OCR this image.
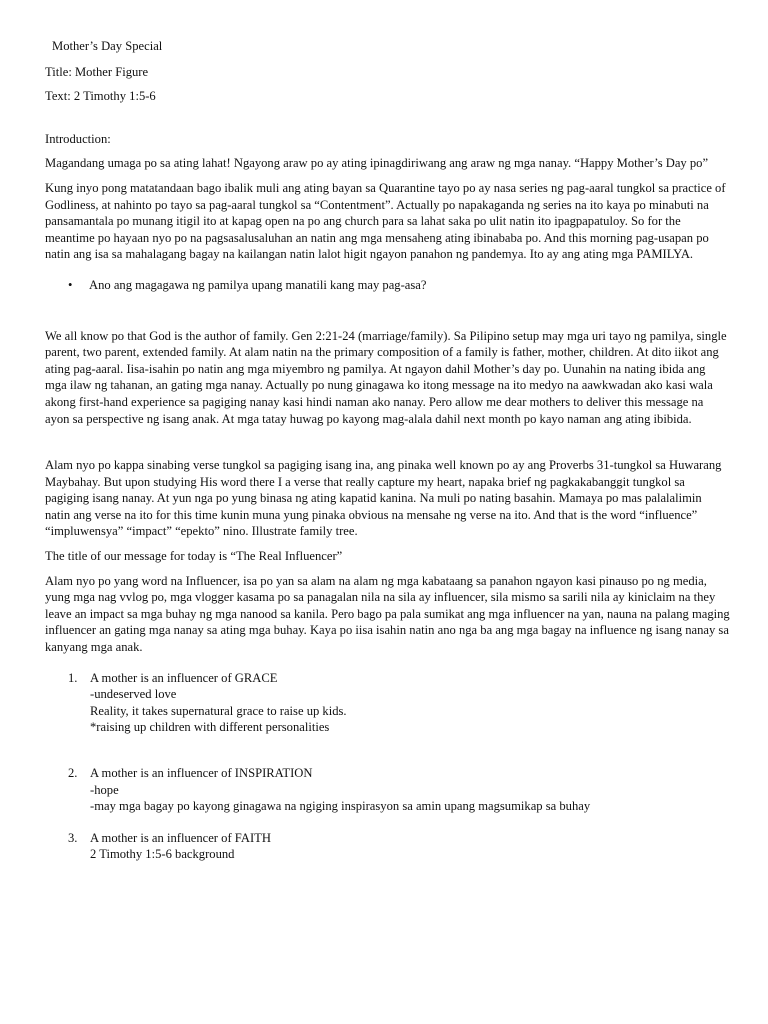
Mother’s Day Special

Title: Mother Figure

Text: 2 Timothy 1:5-6

Introduction:

Magandang umaga po sa ating lahat! Ngayong araw po ay ating ipinagdiriwang ang araw ng mga nanay. “Happy Mother’s Day po”

Kung inyo pong matatandaan bago ibalik muli ang ating bayan sa Quarantine tayo po ay nasa series ng pag-aaral tungkol sa practice of Godliness, at nahinto po tayo sa pag-aaral tungkol sa “Contentment”. Actually po napakaganda ng series na ito kaya po minabuti na pansamantala po munang itigil ito at kapag open na po ang church para sa lahat saka po ulit natin ito ipagpapatuloy. So for the meantime po hayaan nyo po na pagsasalusaluhan an natin ang mga mensaheng ating ibinababa po. And this morning pag-usapan po natin ang isa sa mahalagang bagay na kailangan natin lalot higit ngayon panahon ng pandemya. Ito ay ang ating mga PAMILYA.

• Ano ang magagawa ng pamilya upang manatili kang may pag-asa?

We all know po that God is the author of family. Gen 2:21-24 (marriage/family). Sa Pilipino setup may mga uri tayo ng pamilya, single parent, two parent, extended family. At alam natin na the primary composition of a family is father, mother, children. At dito iikot ang ating pag-aaral. Iisa-isahin po natin ang mga miyembro ng pamilya. At ngayon dahil Mother’s day po. Uunahin na nating ibida ang mga ilaw ng tahanan, an gating mga nanay. Actually po nung ginagawa ko itong message na ito medyo na aawkwadan ako kasi wala akong first-hand experience sa pagiging nanay kasi hindi naman ako nanay. Pero allow me dear mothers to deliver this message na ayon sa perspective ng isang anak. At mga tatay huwag po kayong mag-alala dahil next month po kayo naman ang ating ibibida.

Alam nyo po kappa sinabing verse tungkol sa pagiging isang ina, ang pinaka well known po ay ang Proverbs 31-tungkol sa Huwarang Maybahay. But upon studying His word there I a verse that really capture my heart, napaka brief ng pagkakabanggit tungkol sa pagiging isang nanay. At yun nga po yung binasa ng ating kapatid kanina. Na muli po nating basahin. Mamaya po mas palalalimin natin ang verse na ito for this time kunin muna yung pinaka obvious na mensahe ng verse na ito. And that is the word “influence” “impluwensya” “impact” “epekto” nino. Illustrate family tree.

The title of our message for today is “The Real Influencer”

Alam nyo po yang word na Influencer, isa po yan sa alam na alam ng mga kabataang sa panahon ngayon kasi pinauso po ng media, yung mga nag vvlog po, mga vlogger kasama po sa panagalan nila na sila ay influencer, sila mismo sa sarili nila ay kiniclaim na they leave an impact sa mga buhay ng mga nanood sa kanila. Pero bago pa pala sumikat ang mga influencer na yan, nauna na palang maging influencer an gating mga nanay sa ating mga buhay. Kaya po iisa isahin natin ano nga ba ang mga bagay na influence ng isang nanay sa kanyang mga anak.

1. A mother is an influencer of GRACE
-undeserved love
Reality, it takes supernatural grace to raise up kids.
*raising up children with different personalities
2. A mother is an influencer of INSPIRATION
-hope
-may mga bagay po kayong ginagawa na ngiging inspirasyon sa amin upang magsumikap sa buhay
3. A mother is an influencer of FAITH
2 Timothy 1:5-6 background
